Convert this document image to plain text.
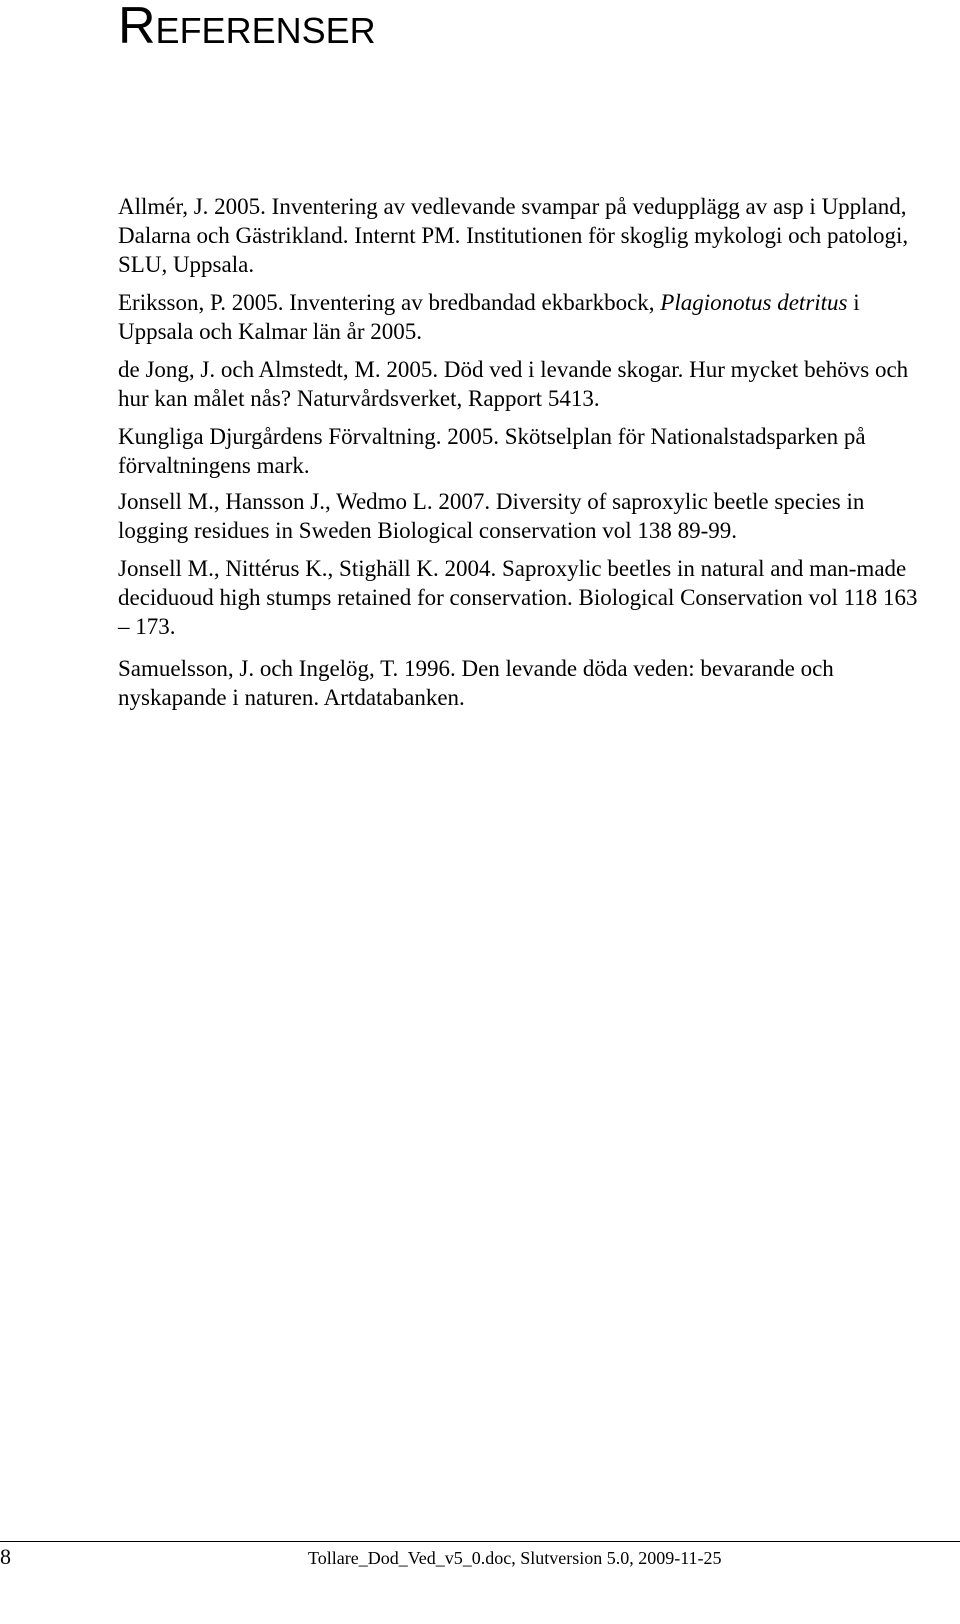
Referenser

Allmér, J. 2005. Inventering av vedlevande svampar på vedupplägg av asp i Uppland, Dalarna och Gästrikland. Internt PM. Institutionen för skoglig mykologi och patologi, SLU, Uppsala.

Eriksson, P. 2005. Inventering av bredbandad ekbarkbock, Plagionotus detritus i Uppsala och Kalmar län år 2005.

de Jong, J. och Almstedt, M. 2005. Död ved i levande skogar. Hur mycket behövs och hur kan målet nås? Naturvårdsverket, Rapport 5413.

Kungliga Djurgårdens Förvaltning. 2005. Skötselplan för Nationalstadsparken på förvaltningens mark.

Jonsell M., Hansson J., Wedmo L. 2007. Diversity of saproxylic beetle species in logging residues in Sweden Biological conservation vol 138 89-99.

Jonsell M., Nittérus K., Stighäll K. 2004. Saproxylic beetles in natural and man-made deciduoud high stumps retained for conservation. Biological Conservation vol 118 163 – 173.

Samuelsson, J. och Ingelög, T. 1996. Den levande döda veden: bevarande och nyskapande i naturen. Artdatabanken.

8	Tollare_Dod_Ved_v5_0.doc, Slutversion 5.0, 2009-11-25
